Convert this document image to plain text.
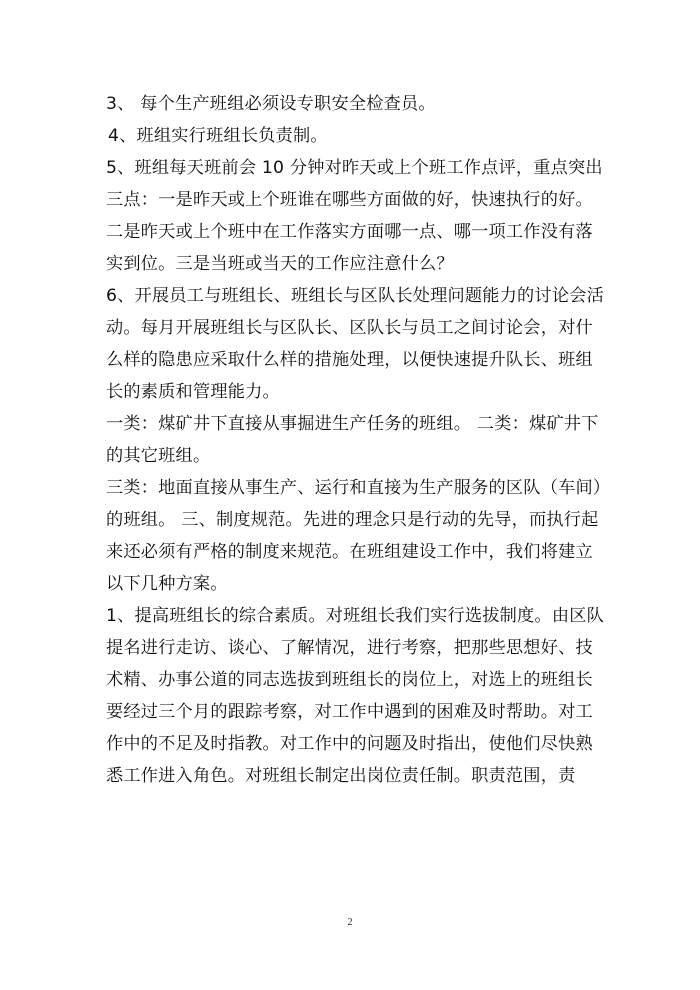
3、 每个生产班组必须设专职安全检查员。

4、班组实行班组长负责制。

5、班组每天班前会 10 分钟对昨天或上个班工作点评，重点突出三点：一是昨天或上个班谁在哪些方面做的好，快速执行的好。二是昨天或上个班中在工作落实方面哪一点、哪一项工作没有落实到位。三是当班或当天的工作应注意什么？

6、开展员工与班组长、班组长与区队长处理问题能力的讨论会活动。每月开展班组长与区队长、区队长与员工之间讨论会，对什么样的隐患应采取什么样的措施处理，以便快速提升队长、班组长的素质和管理能力。

一类：煤矿井下直接从事掘进生产任务的班组。 二类：煤矿井下的其它班组。

三类：地面直接从事生产、运行和直接为生产服务的区队（车间）的班组。 三、制度规范。先进的理念只是行动的先导，而执行起来还必须有严格的制度来规范。在班组建设工作中，我们将建立以下几种方案。

1、提高班组长的综合素质。对班组长我们实行选拔制度。由区队提名进行走访、谈心、了解情况，进行考察，把那些思想好、技术精、办事公道的同志选拔到班组长的岗位上，对选上的班组长要经过三个月的跟踪考察，对工作中遇到的困难及时帮助。对工作中的不足及时指教。对工作中的问题及时指出，使他们尽快熟悉工作进入角色。对班组长制定出岗位责任制。职责范围，责

2
